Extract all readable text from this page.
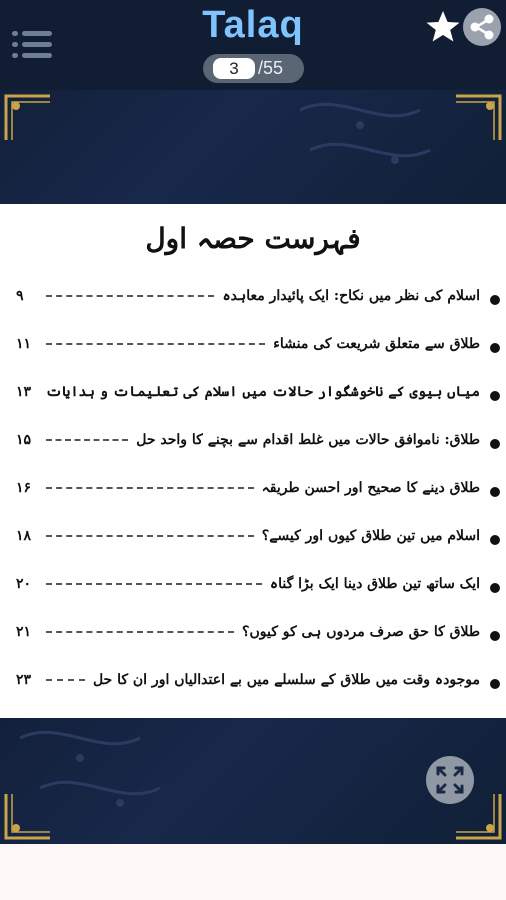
Talaq
3	/55
فہرست حصہ اول
اسلام کی نظر میں نکاح: ایک پائیدار معاہدہ
۹
طلاق سے متعلق شریعت کی منشاء
۱۱
میاں بیوی کے ناخوشگوار حالات میں اسلام کی تعلیمات و ہدایات
۱۳
طلاق: ناموافق حالات میں غلط اقدام سے بچنے کا واحد حل
۱۵
طلاق دینے کا صحیح اور احسن طریقہ
۱۶
اسلام میں تین طلاق کیوں اور کیسے؟
۱۸
ایک ساتھ تین طلاق دینا ایک بڑا گناہ
۲۰
طلاق کا حق صرف مردوں ہی کو کیوں؟
۲۱
موجودہ وقت میں طلاق کے سلسلے میں بے اعتدالیاں اور ان کا حل
۲۳
